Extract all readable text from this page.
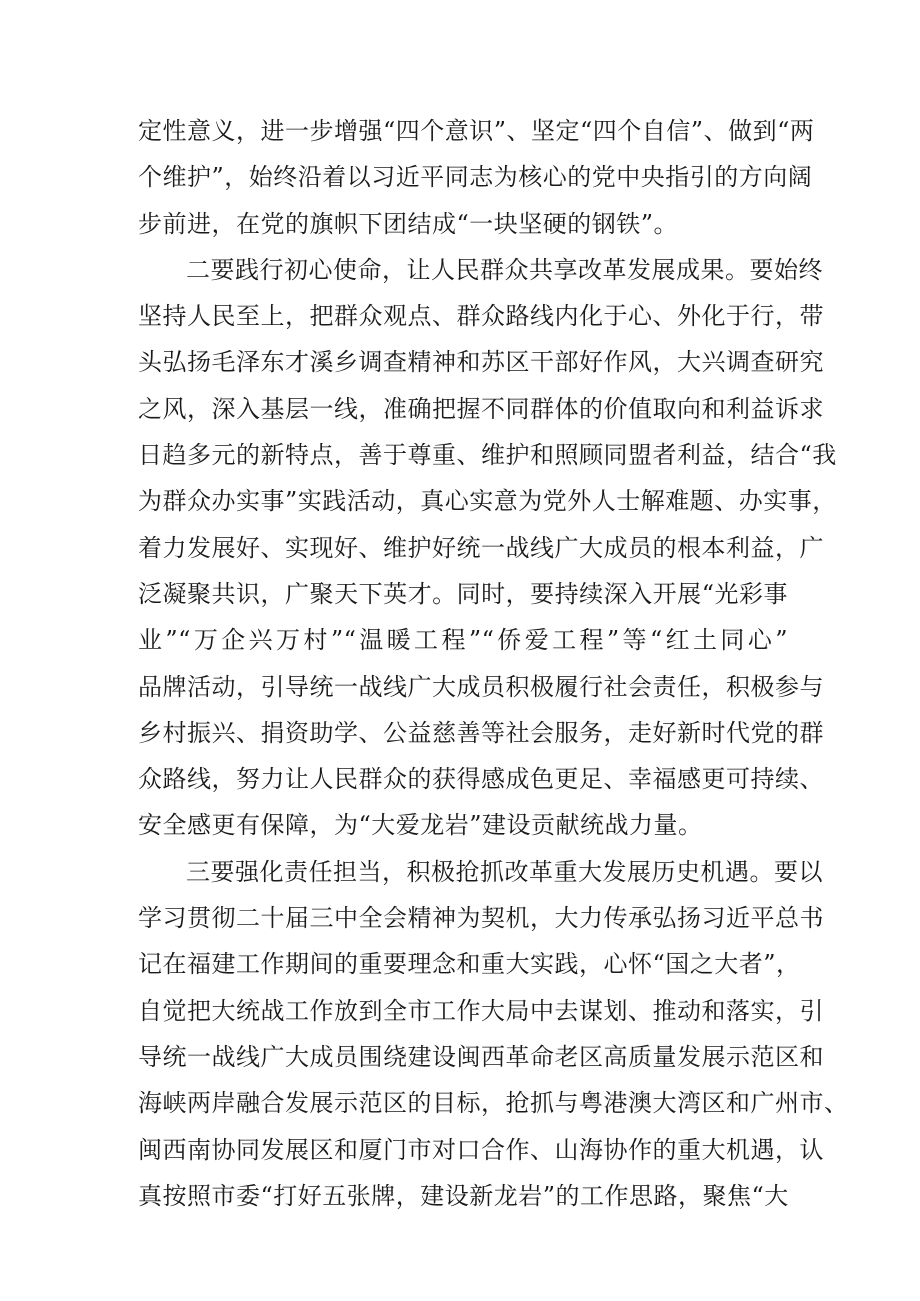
定性意义，进一步增强“四个意识”、坚定“四个自信”、做到“两
个维护”，始终沿着以习近平同志为核心的党中央指引的方向阔
步前进，在党的旗帜下团结成“一块坚硬的钢铁”。
二要践行初心使命，让人民群众共享改革发展成果。要始终
坚持人民至上，把群众观点、群众路线内化于心、外化于行，带
头弘扬毛泽东才溪乡调查精神和苏区干部好作风，大兴调查研究
之风，深入基层一线，准确把握不同群体的价值取向和利益诉求
日趋多元的新特点，善于尊重、维护和照顾同盟者利益，结合“我
为群众办实事”实践活动，真心实意为党外人士解难题、办实事，
着力发展好、实现好、维护好统一战线广大成员的根本利益，广
泛凝聚共识，广聚天下英才。同时，要持续深入开展“光彩事
业”“万企兴万村”“温暖工程”“侨爱工程”等“红土同心”
品牌活动，引导统一战线广大成员积极履行社会责任，积极参与
乡村振兴、捐资助学、公益慈善等社会服务，走好新时代党的群
众路线，努力让人民群众的获得感成色更足、幸福感更可持续、
安全感更有保障，为“大爱龙岩”建设贡献统战力量。
三要强化责任担当，积极抢抓改革重大发展历史机遇。要以
学习贯彻二十届三中全会精神为契机，大力传承弘扬习近平总书
记在福建工作期间的重要理念和重大实践，心怀“国之大者”，
自觉把大统战工作放到全市工作大局中去谋划、推动和落实，引
导统一战线广大成员围绕建设闽西革命老区高质量发展示范区和
海峡两岸融合发展示范区的目标，抢抓与粤港澳大湾区和广州市、
闽西南协同发展区和厦门市对口合作、山海协作的重大机遇，认
真按照市委“打好五张牌，建设新龙岩”的工作思路，聚焦“大
